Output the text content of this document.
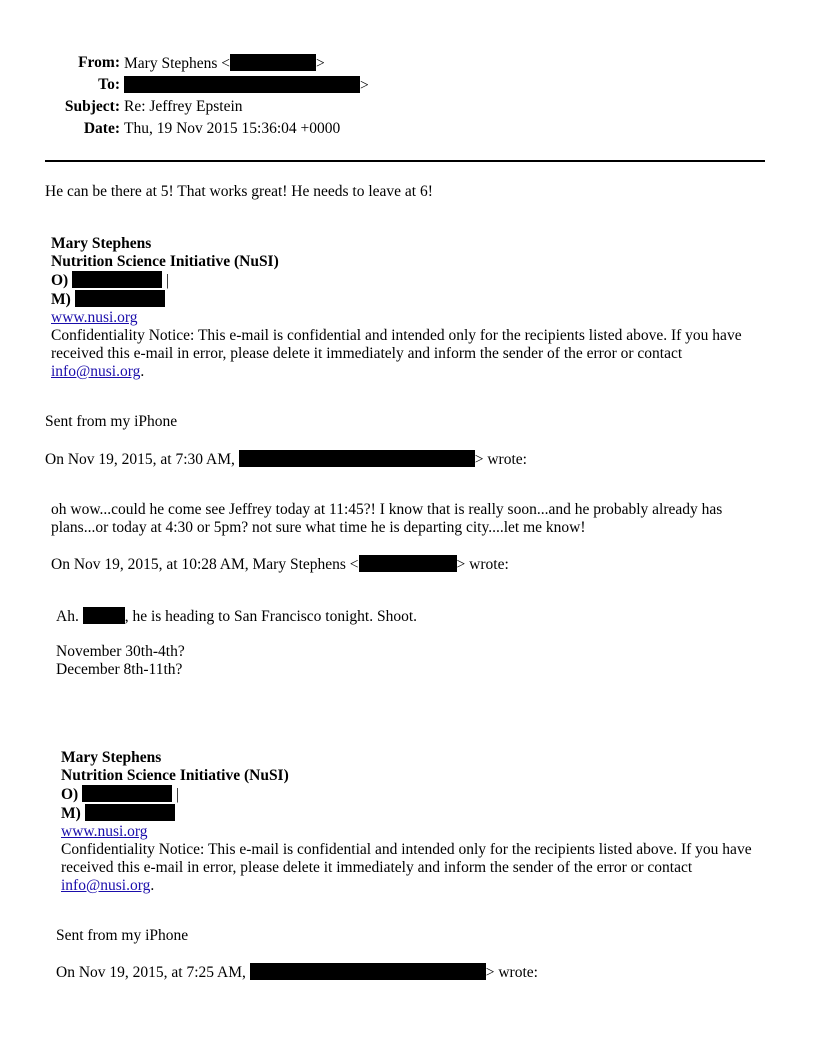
From: Mary Stephens <	>
To:	>
Subject: Re: Jeffrey Epstein
Date: Thu, 19 Nov 2015 15:36:04 +0000
He can be there at 5! That works great! He needs to leave at 6!
Mary Stephens
Nutrition Science Initiative (NuSI)
O)	|
M)
www.nusi.org
Confidentiality Notice: This e-mail is confidential and intended only for the recipients listed above. If you have received this e-mail in error, please delete it immediately and inform the sender of the error or contact info@nusi.org.
Sent from my iPhone
On Nov 19, 2015, at 7:30 AM,	> wrote:
oh wow...could he come see Jeffrey today at 11:45?! I know that is really soon...and he probably already has plans...or today at 4:30 or 5pm? not sure what time he is departing city....let me know!
On Nov 19, 2015, at 10:28 AM, Mary Stephens <	> wrote:
Ah.	, he is heading to San Francisco tonight. Shoot.
November 30th-4th?
December 8th-11th?
Mary Stephens
Nutrition Science Initiative (NuSI)
O)	|
M)
www.nusi.org
Confidentiality Notice: This e-mail is confidential and intended only for the recipients listed above. If you have received this e-mail in error, please delete it immediately and inform the sender of the error or contact info@nusi.org.
Sent from my iPhone
On Nov 19, 2015, at 7:25 AM,	> wrote:
